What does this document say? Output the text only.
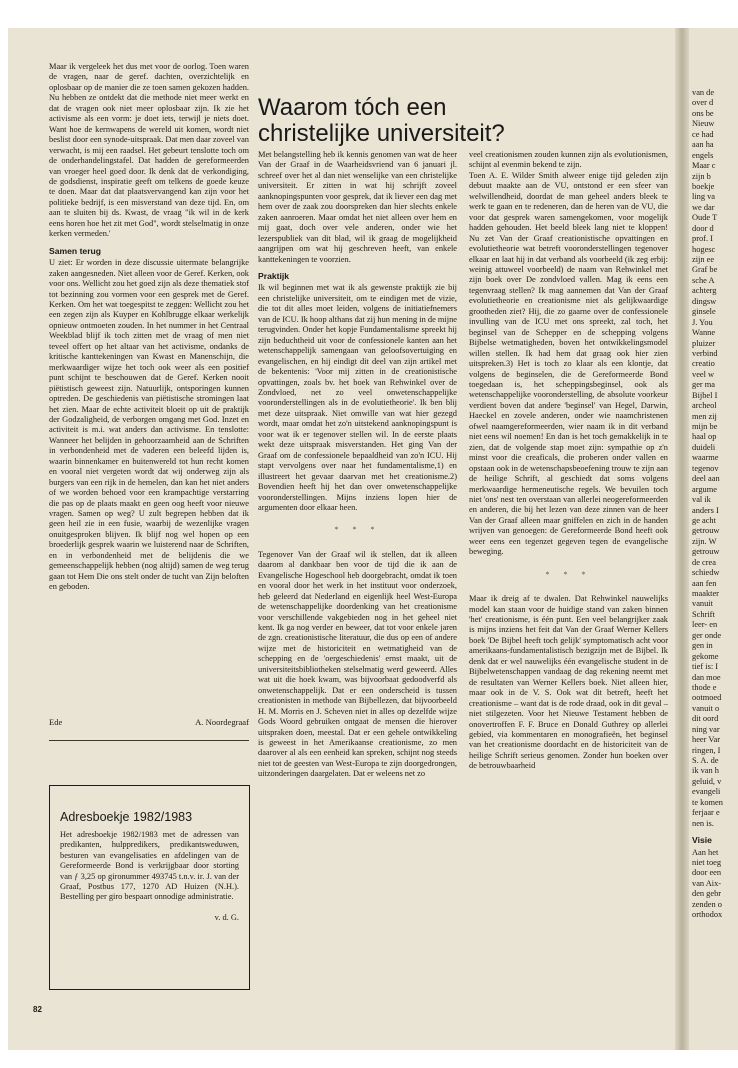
van de
over d
ons be
Nieuw
ce had
aan ha
engels
Maar c
zijn b
boekje
ling va
we dar
Oude T
door d
prof. I
hogesc
zijn ee
Graf be
sche A
achterg
dingsw
ginsele
J. You
Wanne
pluizer
verbind
creatio
veel w
ger ma
Bijbel I
archeol
men zij
mijn be
haal op
duideli
waarme
tegenov
deel aan
argume
val ik
anders I
ge acht
getrouw
zijn. W
getrouw
de crea
schiedw
aan fen
maakter
vanuit
Schrift
leer- en
ger onde
gen in
gekome
tief is: I
dan moe
thode e
ootmoed
vanuit o
dit oord
ning var
heer Var
ringen, I
S. A. de
ik van h
geluid, v
evangeli
te komen
ferjaar e
nen is.
Visie
Aan het
niet toeg
door een
van Aix-
den gebr
zenden o
orthodox

Maar ik vergeleek het dus met voor de oorlog. Toen waren de vragen, naar de geref. dachten, overzichtelijk en oplosbaar op de manier die ze toen samen gekozen hadden. Nu hebben ze ontdekt dat die methode niet meer werkt en dat de vragen ook niet meer oplosbaar zijn. Ik zie het activisme als een vorm: je doet iets, terwijl je niets doet. Want hoe de kernwapens de wereld uit komen, wordt niet beslist door een synode-uitspraak. Dat men daar zoveel van verwacht, is mij een raadsel. Het gebeurt tenslotte toch om de onderhandelingstafel. Dat hadden de gereformeerden van vroeger heel goed door. Ik denk dat de verkondiging, de godsdienst, inspiratie geeft om telkens de goede keuze te doen. Maar dat dat plaatsvervangend kan zijn voor het politieke bedrijf, is een misverstand van deze tijd. En, om aan te sluiten bij ds. Kwast, de vraag "ik wil in de kerk eens horen hoe het zit met God", wordt stelselmatig in onze kerken vermeden.'

Samen terug

U ziet: Er worden in deze discussie uitermate belangrijke zaken aangesneden. Niet alleen voor de Geref. Kerken, ook voor ons. Wellicht zou het goed zijn als deze thematiek stof tot bezinning zou vormen voor een gesprek met de Geref. Kerken. Om het wat toegespitst te zeggen: Wellicht zou het een zegen zijn als Kuyper en Kohlbrugge elkaar werkelijk opnieuw ontmoeten zouden. In het nummer in het Centraal Weekblad blijf ik toch zitten met de vraag of men niet teveel offert op het altaar van het activisme, ondanks de kritische kanttekeningen van Kwast en Manenschijn, die merkwaardiger wijze het toch ook weer als een positief punt schijnt te beschouwen dat de Geref. Kerken nooit piëtistisch geweest zijn. Natuurlijk, ontsporingen kunnen optreden. De geschiedenis van piëtistische stromingen laat het zien. Maar de echte activiteit bloeit op uit de praktijk der Godzaligheid, de verborgen omgang met God. Inzet en activiteit is m.i. wat anders dan activisme. En tenslotte: Wanneer het belijden in gehoorzaamheid aan de Schriften in verbondenheid met de vaderen een beleefd lijden is, waarin binnenkamer en buitenwereld tot hun recht komen en vooral niet vergeten wordt dat wij onderweg zijn als burgers van een rijk in de hemelen, dan kan het niet anders of we worden behoed voor een krampachtige verstarring die pas op de plaats maakt en geen oog heeft voor nieuwe vragen. Samen op weg? U zult begrepen hebben dat ik geen heil zie in een fusie, waarbij de wezenlijke vragen onuitgesproken blijven. Ik blijf nog wel hopen op een broederlijk gesprek waarin we luisterend naar de Schriften, en in verbondenheid met de belijdenis die we gemeenschappelijk hebben (nog altijd) samen de weg terug gaan tot Hem Die ons stelt onder de tucht van Zijn beloften en geboden.

Ede	A. Noordegraaf
Adresboekje 1982/1983
Het adresboekje 1982/1983 met de adressen van predikanten, hulppredikers, predikantsweduwen, besturen van evangelisaties en afdelingen van de Gereformeerde Bond is verkrijgbaar door storting van ƒ 3,25 op gironummer 493745 t.n.v. ir. J. van der Graaf, Postbus 177, 1270 AD Huizen (N.H.). Bestelling per giro bespaart onnodige administratie.
v. d. G.
82
Waarom tóch een christelijke universiteit?

Met belangstelling heb ik kennis genomen van wat de heer Van der Graaf in de Waarheidsvriend van 6 januari jl. schreef over het al dan niet wenselijke van een christelijke universiteit. Er zitten in wat hij schrijft zoveel aanknopingspunten voor gesprek, dat ik liever een dag met hem over de zaak zou doorspreken dan hier slechts enkele zaken aanroeren. Maar omdat het niet alleen over hem en mij gaat, doch over vele anderen, onder wie het lezerspubliek van dit blad, wil ik graag de mogelijkheid aangrijpen om wat hij geschreven heeft, van enkele kanttekeningen te voorzien.

Praktijk

Ik wil beginnen met wat ik als gewenste praktijk zie bij een christelijke universiteit, om te eindigen met de vizie, die tot dit alles moet leiden, volgens de initiatiefnemers van de ICU. Ik hoop althans dat zij hun mening in de mijne terugvinden. Onder het kopje Fundamentalisme spreekt hij zijn beduchtheid uit voor de confessionele kanten aan het wetenschappelijk samengaan van geloofsovertuiging en evangelischen, en hij eindigt dit deel van zijn artikel met de bekentenis: 'Voor mij zitten in de creationistische opvattingen, zoals bv. het boek van Rehwinkel over de Zondvloed, net zo veel onwetenschappelijke vooronderstellingen als in de evolutietheorie'. Ik ben blij met deze uitspraak. Niet omwille van wat hier gezegd wordt, maar omdat het zo'n uitstekend aanknopingspunt is voor wat ik er tegenover stellen wil. In de eerste plaats wekt deze uitspraak misverstanden. Het ging Van der Graaf om de confessionele bepaaldheid van zo'n ICU. Hij stapt vervolgens over naar het fundamentalisme,1) en illustreert het gevaar daarvan met het creationisme.2) Bovendien heeft hij het dan over onwetenschappelijke vooronderstellingen. Mijns inziens lopen hier de argumenten door elkaar heen.

* * *

Tegenover Van der Graaf wil ik stellen, dat ik alleen daarom al dankbaar ben voor de tijd die ik aan de Evangelische Hogeschool heb doorgebracht, omdat ik toen en vooral door het werk in het instituut voor onderzoek, heb geleerd dat Nederland en eigenlijk heel West-Europa de wetenschappelijke doordenking van het creationisme voor verschillende vakgebieden nog in het geheel niet kent. Ik ga nog verder en beweer, dat tot voor enkele jaren de zgn. creationistische literatuur, die dus op een of andere wijze met de historiciteit en wetmatigheid van de schepping en de 'oergeschiedenis' ernst maakt, uit de universiteitsbibliotheken stelselmatig werd geweerd. Alles wat uit die hoek kwam, was bijvoorbaat gedoodverfd als onwetenschappelijk. Dat er een onderscheid is tussen creationisten in methode van Bijbellezen, dat bijvoorbeeld H. M. Morris en J. Scheven niet in alles op dezelfde wijze Gods Woord gebruiken ontgaat de mensen die hierover uitspraken doen, meestal. Dat er een gehele ontwikkeling is geweest in het Amerikaanse creationisme, zo men daarover al als een eenheid kan spreken, schijnt nog steeds niet tot de geesten van West-Europa te zijn doorgedrongen, uitzonderingen daargelaten. Dat er weleens net zo

veel creationismen zouden kunnen zijn als evolutionismen, schijnt al evenmin bekend te zijn.

Toen A. E. Wilder Smith alweer enige tijd geleden zijn debuut maakte aan de VU, ontstond er een sfeer van welwillendheid, doordat de man geheel anders bleek te werk te gaan en te redeneren, dan de heren van de VU, die voor dat gesprek waren samengekomen, voor mogelijk hadden gehouden. Het beeld bleek lang niet te kloppen! Nu zet Van der Graaf creationistische opvattingen en evolutietheorie wat betreft vooronderstellingen tegenover elkaar en laat hij in dat verband als voorbeeld (ik zeg erbij: weinig attuweel voorbeeld) de naam van Rehwinkel met zijn boek over De zondvloed vallen. Mag ik eens een tegenvraag stellen? Ik mag aannemen dat Van der Graaf evolutietheorie en creationisme niet als gelijkwaardige grootheden ziet? Hij, die zo gaarne over de confessionele invulling van de ICU met ons spreekt, zal toch, het beginsel van de Schepper en de schepping volgens Bijbelse wetmatigheden, boven het ontwikkelingsmodel willen stellen. Ik had hem dat graag ook hier zien uitspreken.3) Het is toch zo klaar als een klontje, dat volgens de beginselen, die de Gereformeerde Bond toegedaan is, het scheppingsbeginsel, ook als wetenschappelijke vooronderstelling, de absolute voorkeur verdient boven dat andere 'beginsel' van Hegel, Darwin, Haeckel en zovele anderen, onder wie naamchristenen ofwel naamgereformeerden, wier naam ik in dit verband niet eens wil noemen! En dan is het toch gemakkelijk in te zien, dat de volgende stap moet zijn: sympathie op z'n minst voor die creaficals, die proberen onder vallen en opstaan ook in de wetenschapsbeoefening trouw te zijn aan de heilige Schrift, al geschiedt dat soms volgens merkwaardige hermeneutische regels. We bevuilen toch niet 'ons' nest ten overstaan van allerlei neogereformeerden en anderen, die bij het lezen van deze zinnen van de heer Van der Graaf alleen maar gniffelen en zich in de handen wrijven van genoegen: de Gereformeerde Bond heeft ook weer eens een tegenzet gegeven tegen de evangelische beweging.

* * *

Maar ik dreig af te dwalen. Dat Rehwinkel nauwelijks model kan staan voor de huidige stand van zaken binnen 'het' creationisme, is één punt. Een veel belangrijker zaak is mijns inziens het feit dat Van der Graaf Werner Kellers boek 'De Bijbel heeft toch gelijk' symptomatisch acht voor amerikaans-fundamentalistisch bezigzijn met de Bijbel. Ik denk dat er wel nauwelijks één evangelische student in de Bijbelwetenschappen vandaag de dag rekening neemt met de resultaten van Werner Kellers boek. Niet alleen hier, maar ook in de V. S. Ook wat dit betreft, heeft het creationisme – want dat is de rode draad, ook in dit geval – niet stilgezeten. Voor het Nieuwe Testament hebben de onovertroffen F. F. Bruce en Donald Guthrey op allerlei gebied, via kommentaren en monografieën, het beginsel van het creationisme doordacht en de historiciteit van de heilige Schrift serieus genomen. Zonder hun boeken over de betrouwbaarheid
